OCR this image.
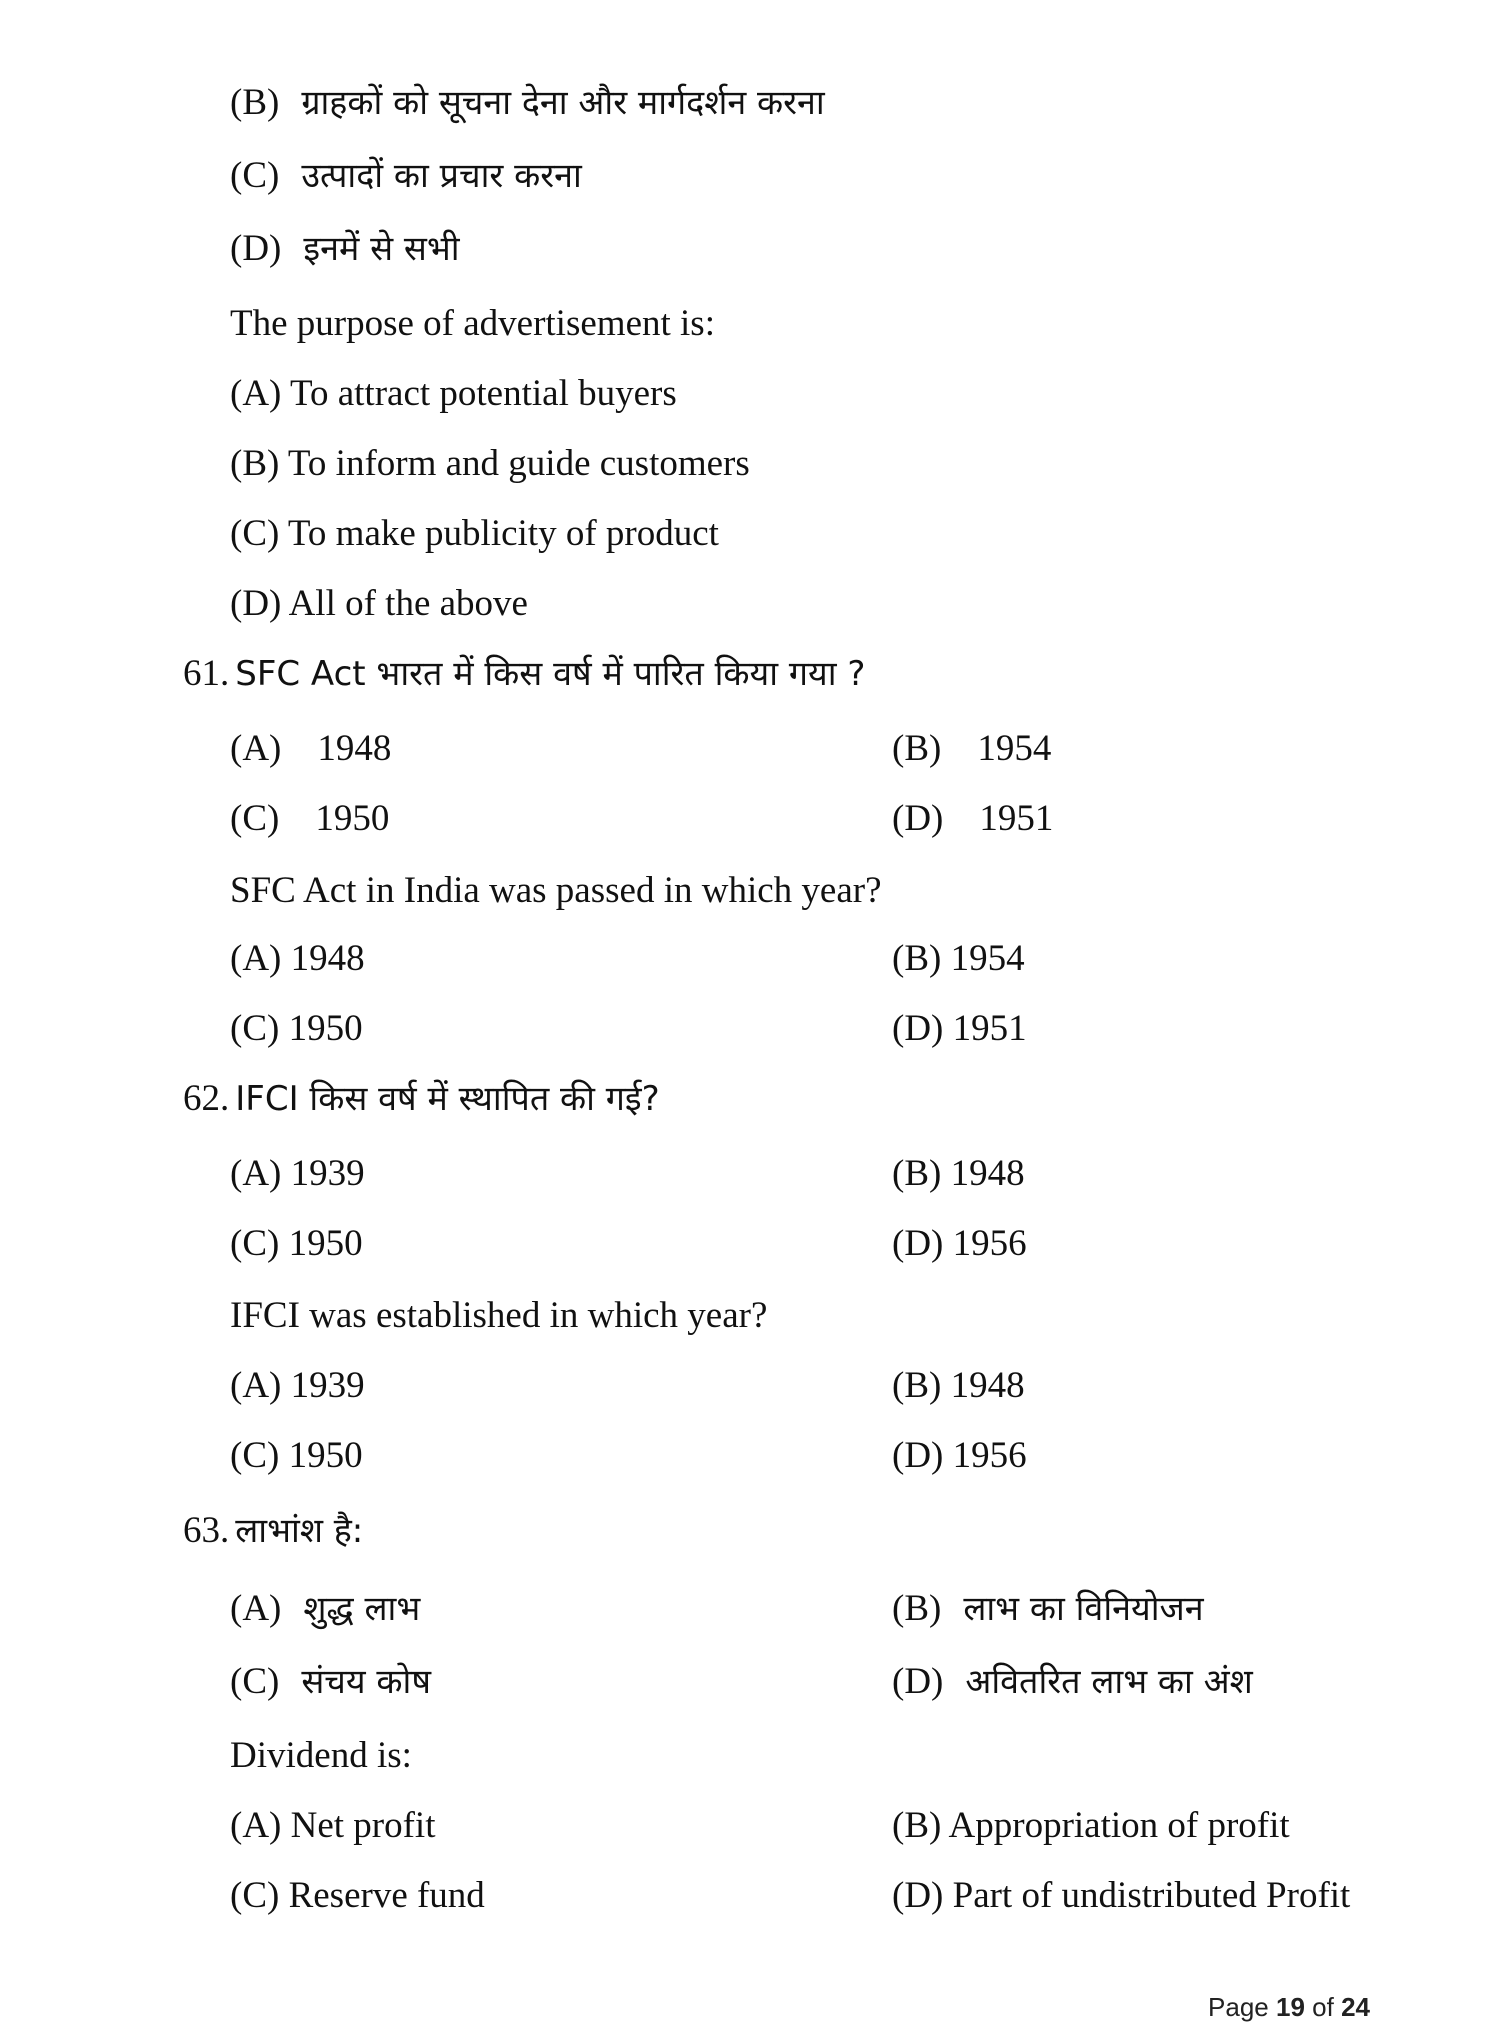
(B) ग्राहकों को सूचना देना और मार्गदर्शन करना
(C) उत्पादों का प्रचार करना
(D) इनमें से सभी
The purpose of advertisement is:
(A) To attract potential buyers
(B) To inform and guide customers
(C) To make publicity of product
(D) All of the above
61. SFC Act भारत में किस वर्ष में पारित किया गया ?
(A) 1948	(B) 1954
(C) 1950	(D) 1951
SFC Act in India was passed in which year?
(A) 1948	(B) 1954
(C) 1950	(D) 1951
62. IFCI किस वर्ष में स्थापित की गई?
(A) 1939	(B) 1948
(C) 1950	(D) 1956
IFCI was established in which year?
(A) 1939	(B) 1948
(C) 1950	(D) 1956
63. लाभांश है:
(A) शुद्ध लाभ	(B) लाभ का विनियोजन
(C) संचय कोष	(D) अवितरित लाभ का अंश
Dividend is:
(A) Net profit	(B) Appropriation of profit
(C) Reserve fund	(D) Part of undistributed Profit
Page 19 of 24
